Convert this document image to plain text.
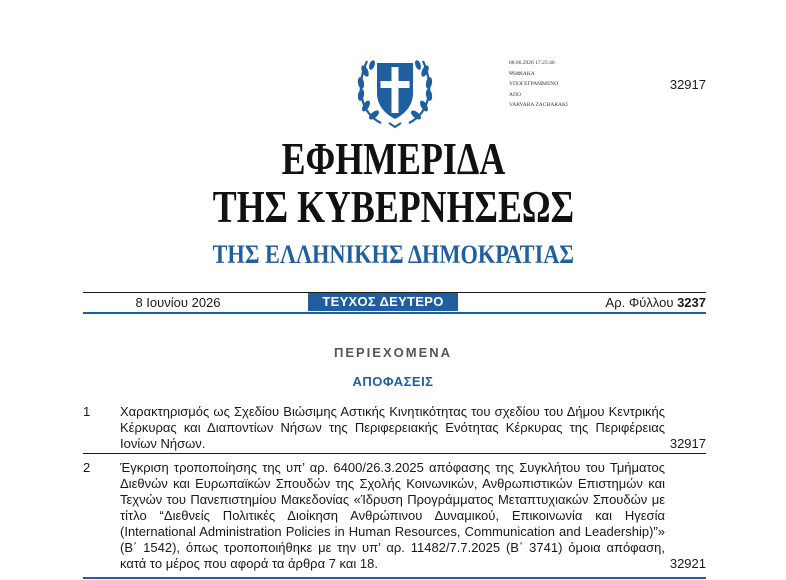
08.06.2026 17:25:46
ΨΗΦΙΑΚΑ
ΥΠΟΓΕΓΡΑΜΜΕΝΟ
ΑΠΟ
VARVARA ZACHARAKI
32917
ΕΦΗΜΕΡΙΔΑ
ΤΗΣ ΚΥΒΕΡΝΗΣΕΩΣ
ΤΗΣ ΕΛΛΗΝΙΚΗΣ ΔΗΜΟΚΡΑΤΙΑΣ
8 Ιουνίου 2026	ΤΕΥΧΟΣ ΔΕΥΤΕΡΟ	Αρ. Φύλλου 3237
ΠΕΡΙΕΧΟΜΕΝΑ
ΑΠΟΦΑΣΕΙΣ
1 Χαρακτηρισμός ως Σχεδίου Βιώσιμης Αστικής Κινητικότητας του σχεδίου του Δήμου Κεντρικής Κέρκυρας και Διαποντίων Νήσων της Περιφερειακής Ενότητας Κέρκυρας της Περιφέρειας Ιονίων Νήσων.	32917
2 Έγκριση τροποποίησης της υπ’ αρ. 6400/26.3.2025 απόφασης της Συγκλήτου του Τμήματος Διεθνών και Ευρωπαϊκών Σπουδών της Σχολής Κοινωνικών, Ανθρωπιστικών Επιστημών και Τεχνών του Πανεπιστημίου Μακεδονίας «Ίδρυση Προγράμματος Μεταπτυχιακών Σπουδών με τίτλο “Διεθνείς Πολιτικές Διοίκηση Ανθρώπινου Δυναμικού, Επικοινωνία και Ηγεσία (International Administration Policies in Human Resources, Communication and Leadership)”» (Β΄ 1542), όπως τροποποιήθηκε με την υπ’ αρ. 11482/7.7.2025 (Β΄ 3741) όμοια απόφαση, κατά το μέρος που αφορά τα άρθρα 7 και 18.	32921
